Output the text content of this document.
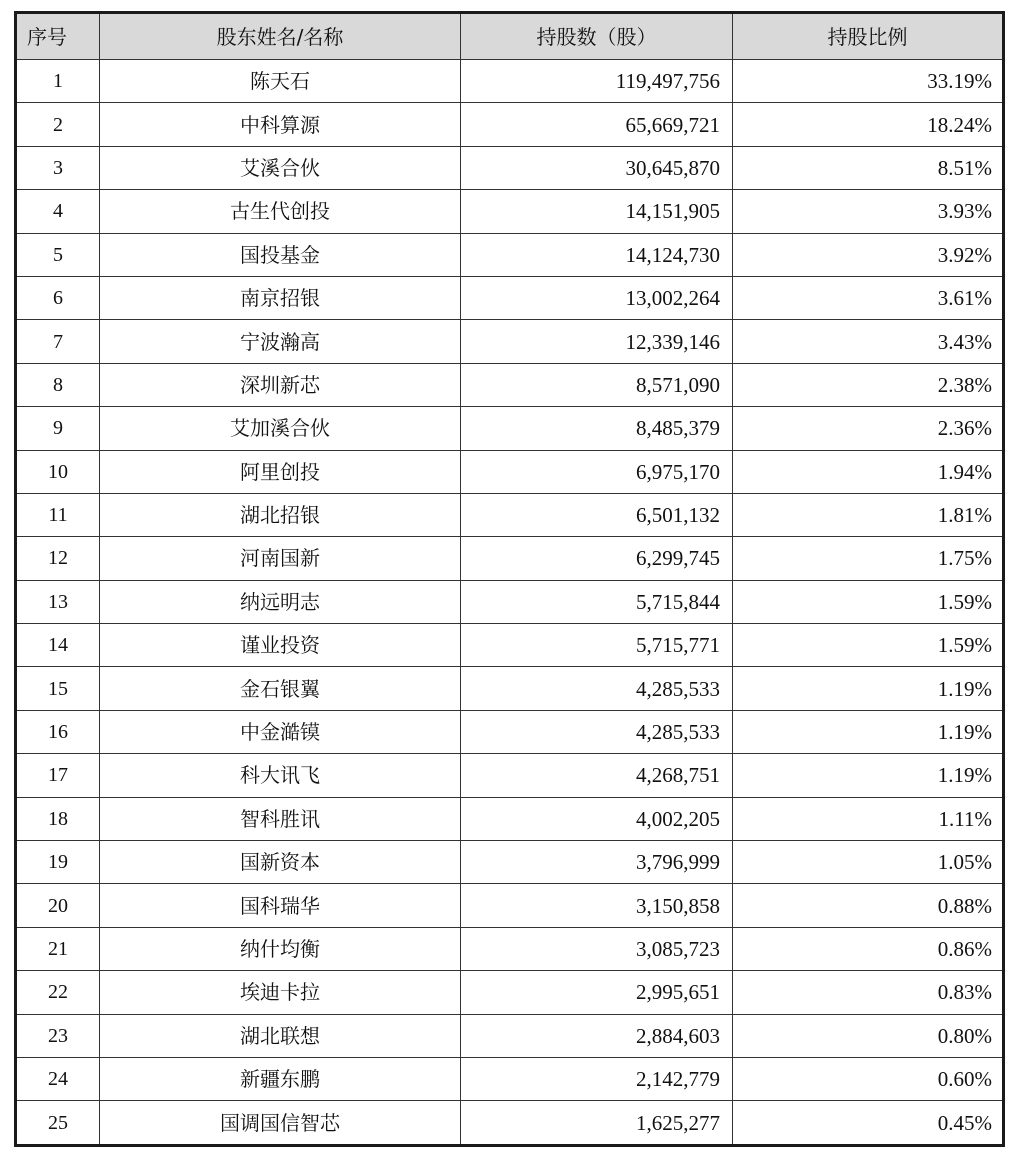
序号	股东姓名/名称	持股数（股）	持股比例
1	陈天石	119,497,756	33.19%
2	中科算源	65,669,721	18.24%
3	艾溪合伙	30,645,870	8.51%
4	古生代创投	14,151,905	3.93%
5	国投基金	14,124,730	3.92%
6	南京招银	13,002,264	3.61%
7	宁波瀚高	12,339,146	3.43%
8	深圳新芯	8,571,090	2.38%
9	艾加溪合伙	8,485,379	2.36%
10	阿里创投	6,975,170	1.94%
11	湖北招银	6,501,132	1.81%
12	河南国新	6,299,745	1.75%
13	纳远明志	5,715,844	1.59%
14	谨业投资	5,715,771	1.59%
15	金石银翼	4,285,533	1.19%
16	中金澔镆	4,285,533	1.19%
17	科大讯飞	4,268,751	1.19%
18	智科胜讯	4,002,205	1.11%
19	国新资本	3,796,999	1.05%
20	国科瑞华	3,150,858	0.88%
21	纳什均衡	3,085,723	0.86%
22	埃迪卡拉	2,995,651	0.83%
23	湖北联想	2,884,603	0.80%
24	新疆东鹏	2,142,779	0.60%
25	国调国信智芯	1,625,277	0.45%
